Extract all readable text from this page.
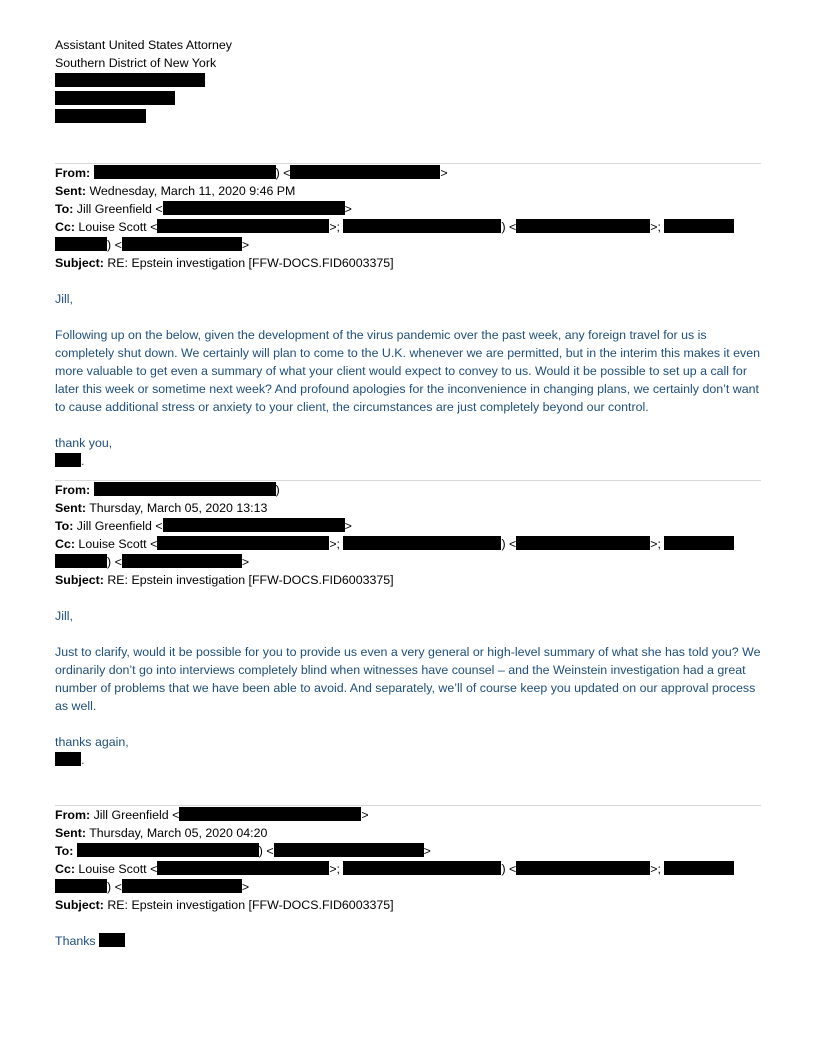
Assistant United States Attorney
Southern District of New York
From:	) <	>
Sent: Wednesday, March 11, 2020 9:46 PM
To: Jill Greenfield <	>
Cc: Louise Scott <	>;	) <	>;
) <	>
Subject: RE: Epstein investigation [FFW-DOCS.FID6003375]
Jill,
Following up on the below, given the development of the virus pandemic over the past week, any foreign travel for us is completely shut down. We certainly will plan to come to the U.K. whenever we are permitted, but in the interim this makes it even more valuable to get even a summary of what your client would expect to convey to us. Would it be possible to set up a call for later this week or sometime next week? And profound apologies for the inconvenience in changing plans, we certainly don’t want to cause additional stress or anxiety to your client, the circumstances are just completely beyond our control.
thank you,
.
From:	)
Sent: Thursday, March 05, 2020 13:13
To: Jill Greenfield <	>
Cc: Louise Scott <	>;	) <	>;
) <	>
Subject: RE: Epstein investigation [FFW-DOCS.FID6003375]
Jill,
Just to clarify, would it be possible for you to provide us even a very general or high-level summary of what she has told you? We ordinarily don’t go into interviews completely blind when witnesses have counsel – and the Weinstein investigation had a great number of problems that we have been able to avoid. And separately, we’ll of course keep you updated on our approval process as well.
thanks again,
.
From: Jill Greenfield <	>
Sent: Thursday, March 05, 2020 04:20
To:	) <	>
Cc: Louise Scott <	>;	) <	>;
) <	>
Subject: RE: Epstein investigation [FFW-DOCS.FID6003375]
Thanks
